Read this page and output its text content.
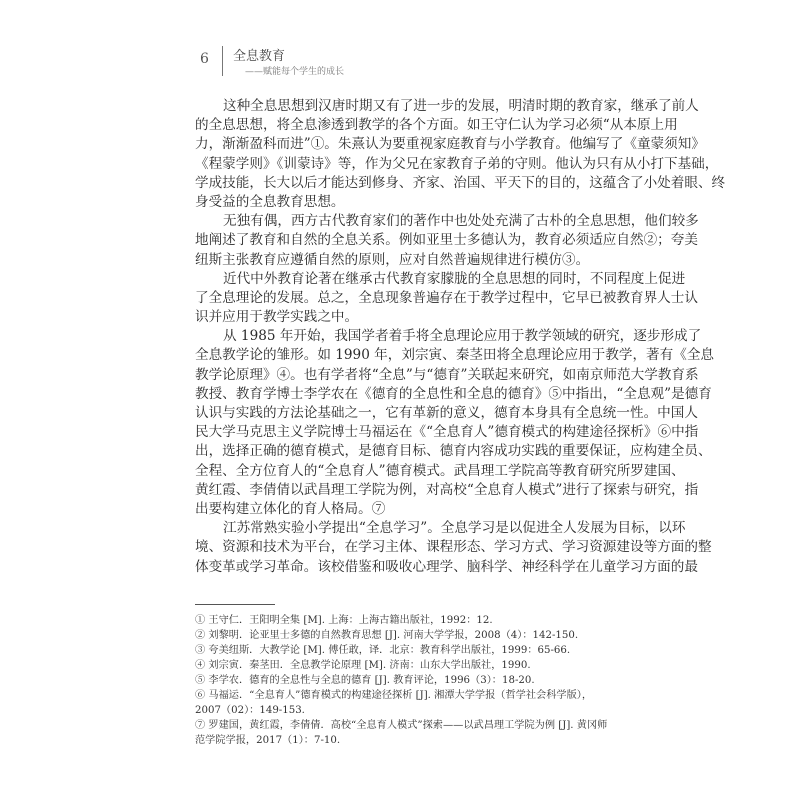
6 全息教育
——赋能每个学生的成长
这种全息思想到汉唐时期又有了进一步的发展，明清时期的教育家，继承了前人
的全息思想，将全息渗透到教学的各个方面。如王守仁认为学习必须“从本原上用
力，渐渐盈科而进”①。朱熹认为要重视家庭教育与小学教育。他编写了《童蒙须知》
《程蒙学则》《训蒙诗》等，作为父兄在家教育子弟的守则。他认为只有从小打下基础，
学成技能，长大以后才能达到修身、齐家、治国、平天下的目的，这蕴含了小处着眼、终
身受益的全息教育思想。
无独有偶，西方古代教育家们的著作中也处处充满了古朴的全息思想，他们较多
地阐述了教育和自然的全息关系。例如亚里士多德认为，教育必须适应自然②；夸美
纽斯主张教育应遵循自然的原则，应对自然普遍规律进行模仿③。
近代中外教育论著在继承古代教育家朦胧的全息思想的同时，不同程度上促进
了全息理论的发展。总之，全息现象普遍存在于教学过程中，它早已被教育界人士认
识并应用于教学实践之中。
从 1985 年开始，我国学者着手将全息理论应用于教学领域的研究，逐步形成了
全息教学论的雏形。如 1990 年，刘宗寅、秦茎田将全息理论应用于教学，著有《全息
教学论原理》④。也有学者将“全息”与“德育”关联起来研究，如南京师范大学教育系
教授、教育学博士李学农在《德育的全息性和全息的德育》⑤中指出，“全息观”是德育
认识与实践的方法论基础之一，它有革新的意义，德育本身具有全息统一性。中国人
民大学马克思主义学院博士马福运在《“全息育人”德育模式的构建途径探析》⑥中指
出，选择正确的德育模式，是德育目标、德育内容成功实践的重要保证，应构建全员、
全程、全方位育人的“全息育人”德育模式。武昌理工学院高等教育研究所罗建国、
黄红霞、李倩倩以武昌理工学院为例，对高校“全息育人模式”进行了探索与研究，指
出要构建立体化的育人格局。⑦
江苏常熟实验小学提出“全息学习”。全息学习是以促进全人发展为目标，以环
境、资源和技术为平台，在学习主体、课程形态、学习方式、学习资源建设等方面的整
体变革或学习革命。该校借鉴和吸收心理学、脑科学、神经科学在儿童学习方面的最

① 王守仁．王阳明全集 [M]. 上海：上海古籍出版社，1992：12.

② 刘黎明．论亚里士多德的自然教育思想 [J]. 河南大学学报，2008（4）：142-150.

③ 夸美纽斯．大教学论 [M]. 傅任敢，译．北京：教育科学出版社，1999：65-66.

④ 刘宗寅．秦茎田．全息教学论原理 [M]. 济南：山东大学出版社，1990.

⑤ 李学农．德育的全息性与全息的德育 [J]. 教育评论，1996（3）：18-20.

⑥ 马福运．“全息育人”德育模式的构建途径探析 [J]. 湘潭大学学报（哲学社会科学版），2007（02）：149-153.

⑦ 罗建国，黄红霞，李倩倩．高校“全息育人模式”探索——以武昌理工学院为例 [J]. 黄冈师范学院学报，2017（1）：7-10.
